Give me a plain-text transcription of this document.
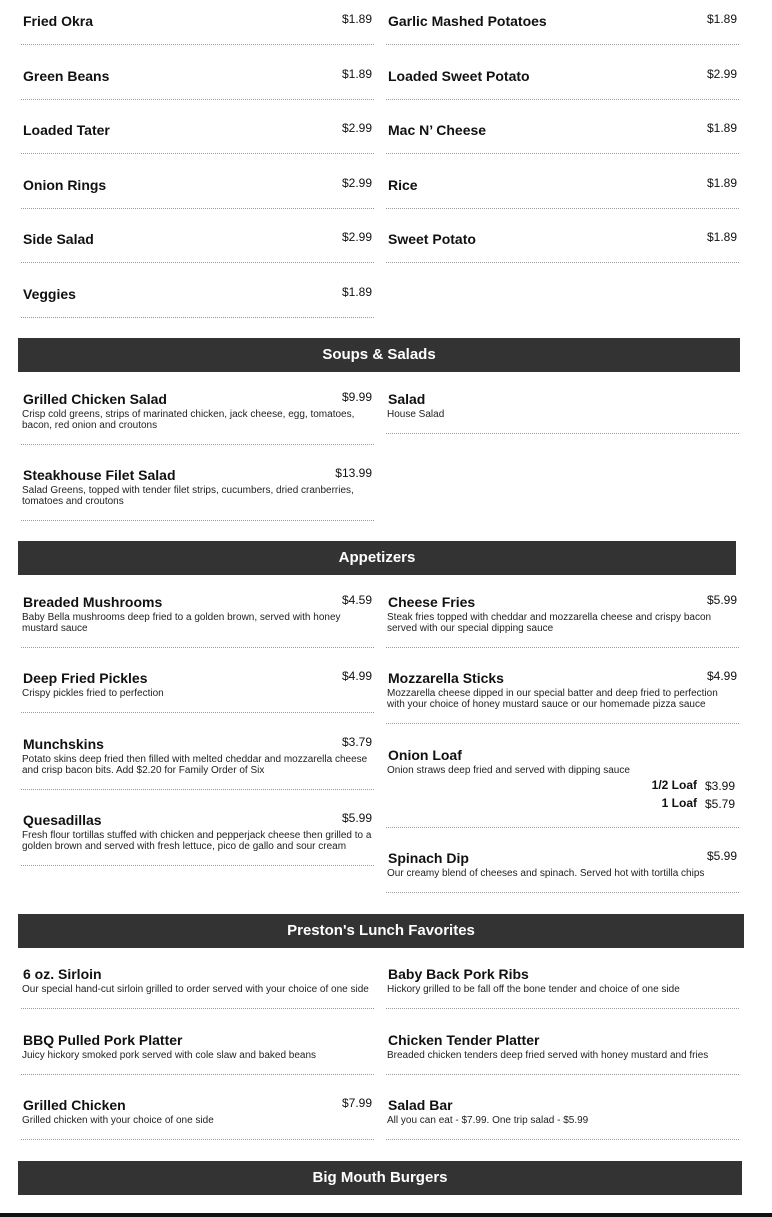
Fried Okra	$1.89 Garlic Mashed Potatoes	$1.89
Green Beans	$1.89 Loaded Sweet Potato	$2.99
Loaded Tater	$2.99 Mac N’ Cheese	$1.89
Onion Rings	$2.99 Rice	$1.89
Side Salad	$2.99 Sweet Potato	$1.89
Veggies	$1.89
Soups & Salads
Grilled Chicken Salad	$9.99
Crisp cold greens, strips of marinated chicken, jack cheese, egg, tomatoes, bacon, red onion and croutons
Salad
House Salad
Steakhouse Filet Salad	$13.99
Salad Greens, topped with tender filet strips, cucumbers, dried cranberries, tomatoes and croutons
Appetizers
Breaded Mushrooms	$4.59
Baby Bella mushrooms deep fried to a golden brown, served with honey mustard sauce
Cheese Fries	$5.99
Steak fries topped with cheddar and mozzarella cheese and crispy bacon served with our special dipping sauce
Deep Fried Pickles	$4.99
Crispy pickles fried to perfection
Mozzarella Sticks	$4.99
Mozzarella cheese dipped in our special batter and deep fried to perfection with your choice of honey mustard sauce or our homemade pizza sauce
Munchskins	$3.79
Potato skins deep fried then filled with melted cheddar and mozzarella cheese and crisp bacon bits. Add $2.20 for Family Order of Six
Onion Loaf
Onion straws deep fried and served with dipping sauce
1/2 Loaf $3.99
1 Loaf $5.79
Quesadillas	$5.99
Fresh flour tortillas stuffed with chicken and pepperjack cheese then grilled to a golden brown and served with fresh lettuce, pico de gallo and sour cream
Spinach Dip	$5.99
Our creamy blend of cheeses and spinach. Served hot with tortilla chips
Preston's Lunch Favorites
6 oz. Sirloin
Our special hand-cut sirloin grilled to order served with your choice of one side
Baby Back Pork Ribs
Hickory grilled to be fall off the bone tender and choice of one side
BBQ Pulled Pork Platter
Juicy hickory smoked pork served with cole slaw and baked beans
Chicken Tender Platter
Breaded chicken tenders deep fried served with honey mustard and fries
Grilled Chicken	$7.99
Grilled chicken with your choice of one side
Salad Bar
All you can eat - $7.99. One trip salad - $5.99
Big Mouth Burgers
